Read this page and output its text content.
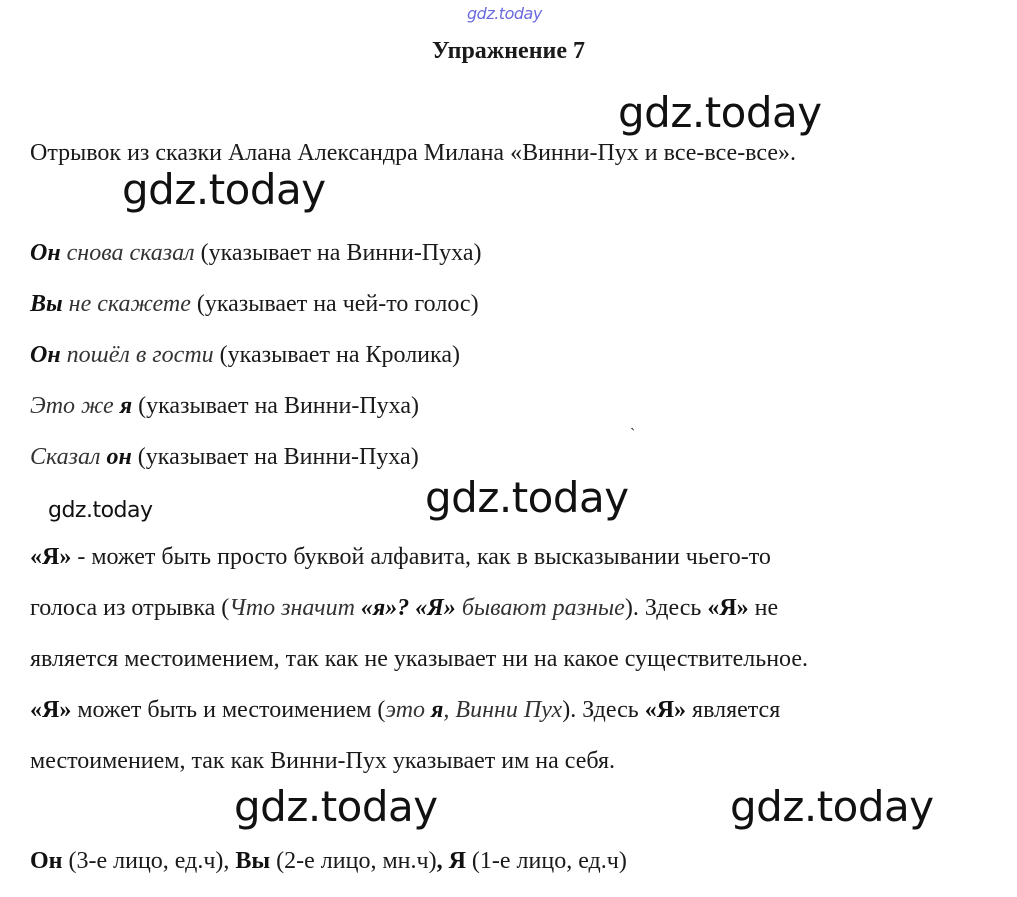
gdz.today
Упражнение 7
gdz.today
Отрывок из сказки Алана Александра Милана «Винни-Пух и все-все-все».
gdz.today
Он снова сказал (указывает на Винни-Пуха)
Вы не скажете (указывает на чей-то голос)
Он пошёл в гости (указывает на Кролика)
Это же я (указывает на Винни-Пуха)
Сказал он (указывает на Винни-Пуха)
`
gdz.today	gdz.today
«Я» - может быть просто буквой алфавита, как в высказывании чьего-то
голоса из отрывка (Что значит «я»? «Я» бывают разные). Здесь «Я» не
является местоимением, так как не указывает ни на какое существительное.
«Я» может быть и местоимением (это я, Винни Пух). Здесь «Я» является
местоимением, так как Винни-Пух указывает им на себя.
gdz.today	gdz.today
Он (3-е лицо, ед.ч), Вы (2-е лицо, мн.ч), Я (1-е лицо, ед.ч)
